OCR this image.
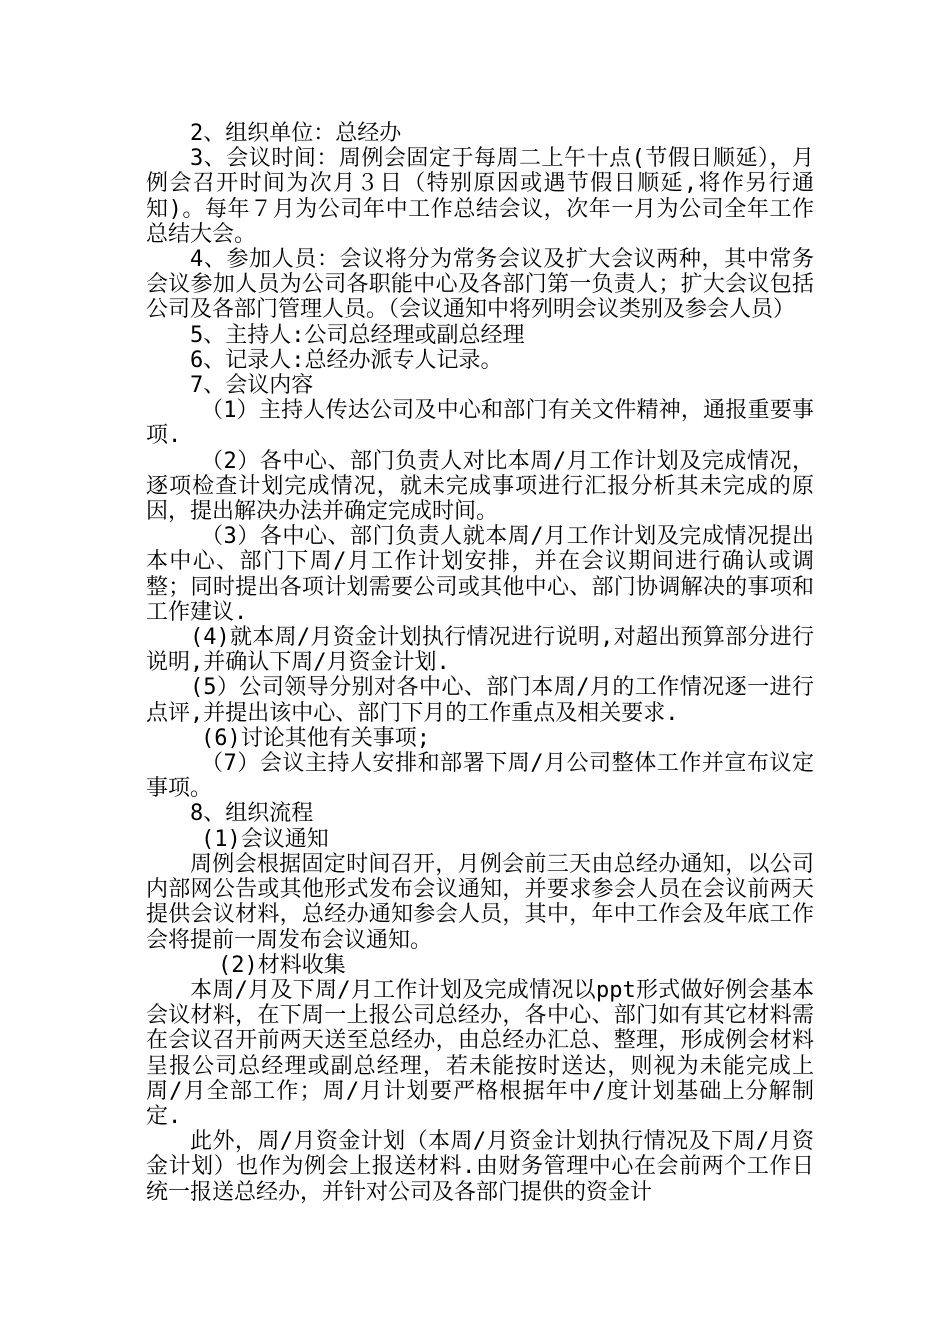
2、组织单位：总经办

3、会议时间：周例会固定于每周二上午十点(节假日顺延），月例会召开时间为次月３日（特别原因或遇节假日顺延,将作另行通知)。每年７月为公司年中工作总结会议，次年一月为公司全年工作总结大会。

4、参加人员：会议将分为常务会议及扩大会议两种，其中常务会议参加人员为公司各职能中心及各部门第一负责人；扩大会议包括公司及各部门管理人员。（会议通知中将列明会议类别及参会人员）

5、主持人:公司总经理或副总经理

6、记录人:总经办派专人记录。

7、会议内容

（1）主持人传达公司及中心和部门有关文件精神，通报重要事项.

（2）各中心、部门负责人对比本周/月工作计划及完成情况，逐项检查计划完成情况，就未完成事项进行汇报分析其未完成的原因，提出解决办法并确定完成时间。

（3）各中心、部门负责人就本周/月工作计划及完成情况提出本中心、部门下周/月工作计划安排，并在会议期间进行确认或调整；同时提出各项计划需要公司或其他中心、部门协调解决的事项和工作建议.

(4)就本周/月资金计划执行情况进行说明,对超出预算部分进行说明,并确认下周/月资金计划.

(5）公司领导分别对各中心、部门本周/月的工作情况逐一进行点评,并提出该中心、部门下月的工作重点及相关要求.

(6)讨论其他有关事项;

（7）会议主持人安排和部署下周/月公司整体工作并宣布议定事项。

8、组织流程

(1)会议通知

周例会根据固定时间召开，月例会前三天由总经办通知，以公司内部网公告或其他形式发布会议通知，并要求参会人员在会议前两天提供会议材料，总经办通知参会人员，其中，年中工作会及年底工作会将提前一周发布会议通知。

(2)材料收集

本周/月及下周/月工作计划及完成情况以ppt形式做好例会基本会议材料，在下周一上报公司总经办，各中心、部门如有其它材料需在会议召开前两天送至总经办，由总经办汇总、整理，形成例会材料呈报公司总经理或副总经理，若未能按时送达，则视为未能完成上周/月全部工作；周/月计划要严格根据年中/度计划基础上分解制定.

此外，周/月资金计划（本周/月资金计划执行情况及下周/月资金计划）也作为例会上报送材料.由财务管理中心在会前两个工作日统一报送总经办，并针对公司及各部门提供的资金计
